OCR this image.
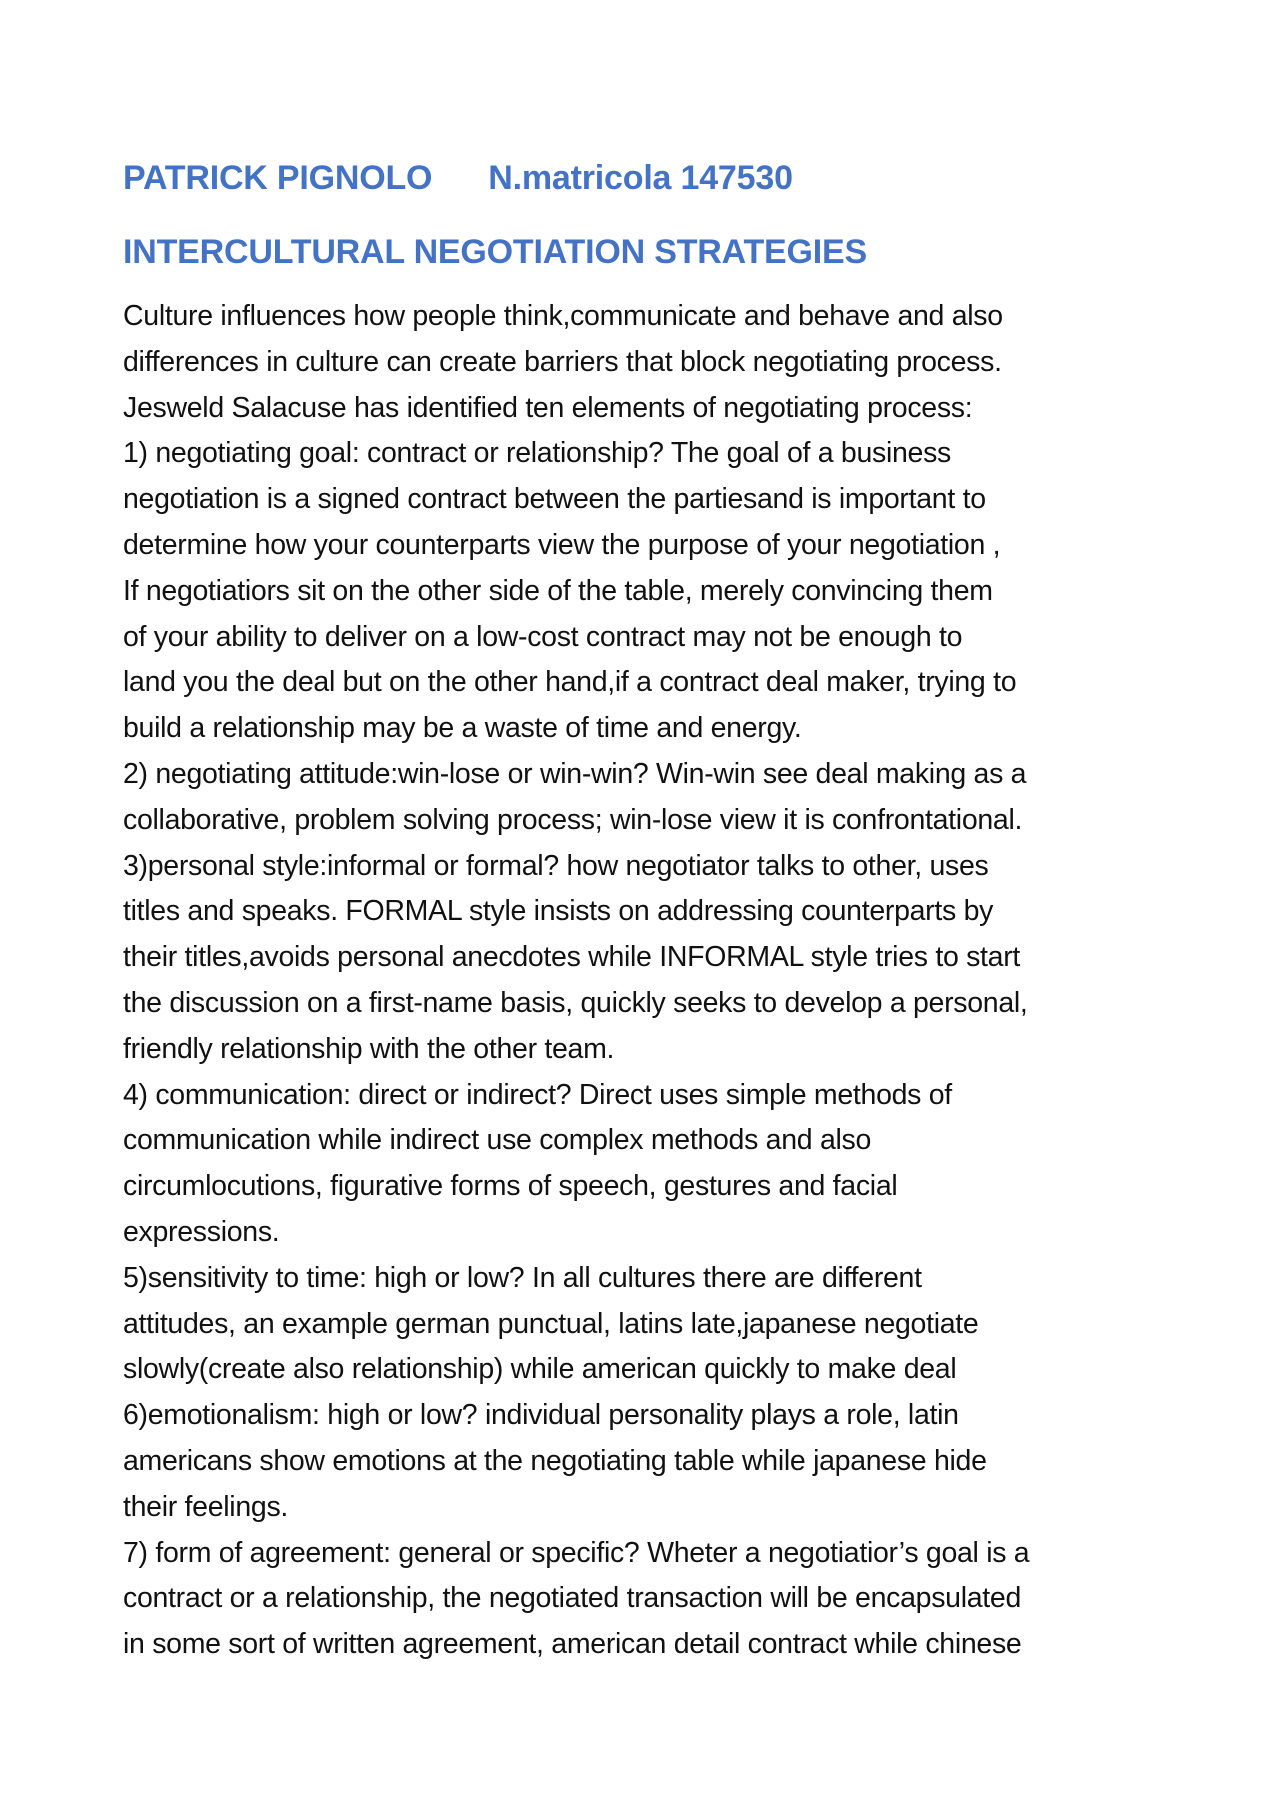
PATRICK PIGNOLO N.matricola 147530
INTERCULTURAL NEGOTIATION STRATEGIES

Culture influences how people think,communicate and behave and also
differences in culture can create barriers that block negotiating process.
Jesweld Salacuse has identified ten elements of negotiating process:
1) negotiating goal: contract or relationship? The goal of a business
negotiation is a signed contract between the partiesand is important to
determine how your counterparts view the purpose of your negotiation ,
If negotiatiors sit on the other side of the table, merely convincing them
of your ability to deliver on a low-cost contract may not be enough to
land you the deal but on the other hand,if a contract deal maker, trying to
build a relationship may be a waste of time and energy.
2) negotiating attitude:win-lose or win-win? Win-win see deal making as a
collaborative, problem solving process; win-lose view it is confrontational.
3)personal style:informal or formal? how negotiator talks to other, uses
titles and speaks. FORMAL style insists on addressing counterparts by
their titles,avoids personal anecdotes while INFORMAL style tries to start
the discussion on a first-name basis, quickly seeks to develop a personal,
friendly relationship with the other team.
4) communication: direct or indirect? Direct uses simple methods of
communication while indirect use complex methods and also
circumlocutions, figurative forms of speech, gestures and facial
expressions.
5)sensitivity to time: high or low? In all cultures there are different
attitudes, an example german punctual, latins late,japanese negotiate
slowly(create also relationship) while american quickly to make deal
6)emotionalism: high or low? individual personality plays a role, latin
americans show emotions at the negotiating table while japanese hide
their feelings.
7) form of agreement: general or specific? Wheter a negotiatior’s goal is a
contract or a relationship, the negotiated transaction will be encapsulated
in some sort of written agreement, american detail contract while chinese
